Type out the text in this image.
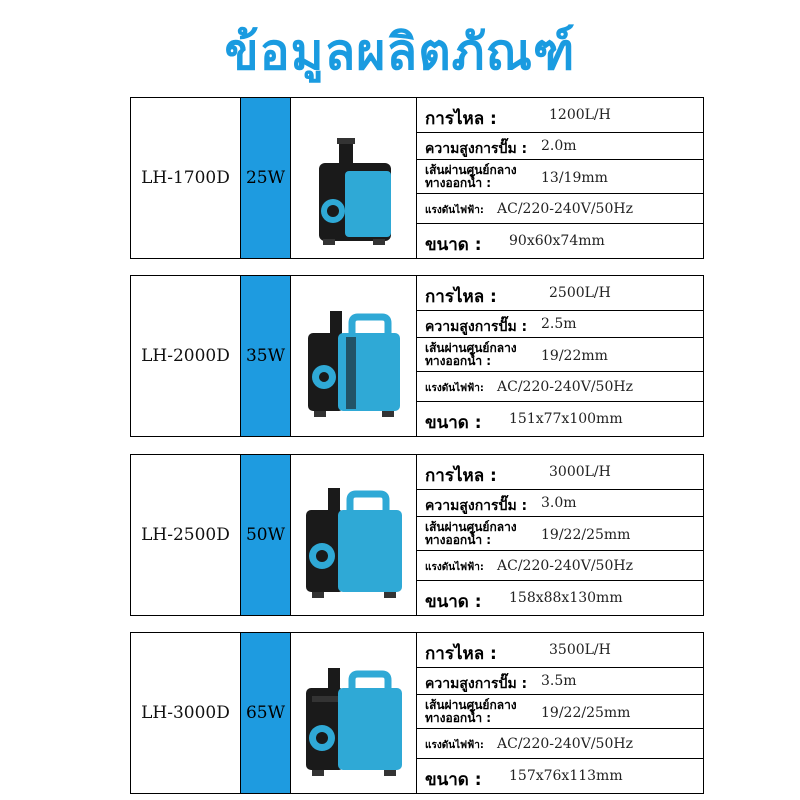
ข้อมูลผลิตภัณฑ์
LH-1700D 25W
การไหล :	1200L/H
ความสูงการปั๊ม : 2.0m
เส้นผ่านศูนย์กลาง
ทางออกน้ำ :	13/19mm
แรงดันไฟฟ้า: AC/220-240V/50Hz
ขนาด : 90x60x74mm
LH-2000D 35W
การไหล :	2500L/H
ความสูงการปั๊ม : 2.5m
เส้นผ่านศูนย์กลาง
ทางออกน้ำ :	19/22mm
แรงดันไฟฟ้า: AC/220-240V/50Hz
ขนาด : 151x77x100mm
LH-2500D 50W
การไหล :	3000L/H
ความสูงการปั๊ม : 3.0m
เส้นผ่านศูนย์กลาง
ทางออกน้ำ :	19/22/25mm
แรงดันไฟฟ้า: AC/220-240V/50Hz
ขนาด : 158x88x130mm
LH-3000D 65W
การไหล :	3500L/H
ความสูงการปั๊ม : 3.5m
เส้นผ่านศูนย์กลาง
ทางออกน้ำ :	19/22/25mm
แรงดันไฟฟ้า: AC/220-240V/50Hz
ขนาด : 157x76x113mm
